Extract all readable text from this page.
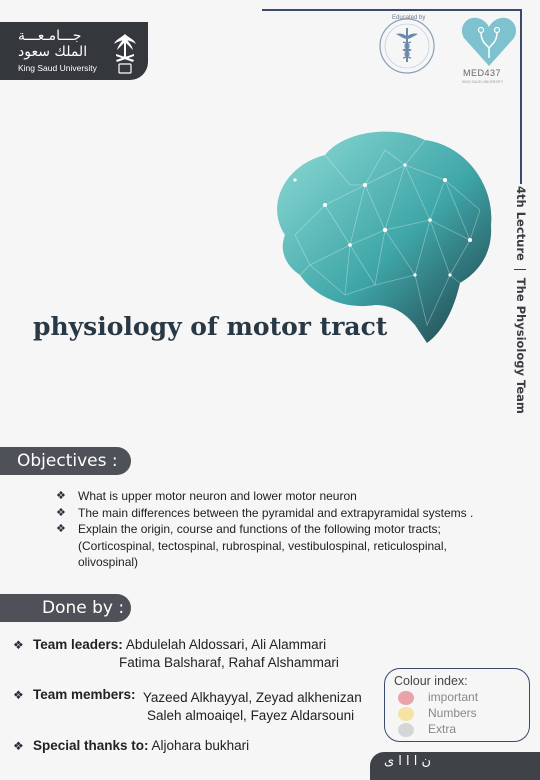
جـــامـعـــة
الملك سعود
King Saud University
Educated by
MED437
KING SAUD UNIVERSITY
4th LectureThe Physiology Team
physiology of motor tract
Objectives :
❖ What is upper motor neuron and lower motor neuron
❖ The main differences between the pyramidal and extrapyramidal systems .
❖ Explain the origin, course and functions of the following motor tracts; (Corticospinal, tectospinal, rubrospinal, vestibulospinal, reticulospinal, olivospinal)
Done by :
❖ Team leaders: Abdulelah Aldossari, Ali Alammari
Fatima Balsharaf, Rahaf Alshammari
❖ Team members: Yazeed Alkhayyal, Zeyad alkhenizan
Saleh almoaiqel, Fayez Aldarsouni
❖ Special thanks to: Aljohara bukhari
Colour index:
important
Numbers
Extra
ن ا ا ا ى
